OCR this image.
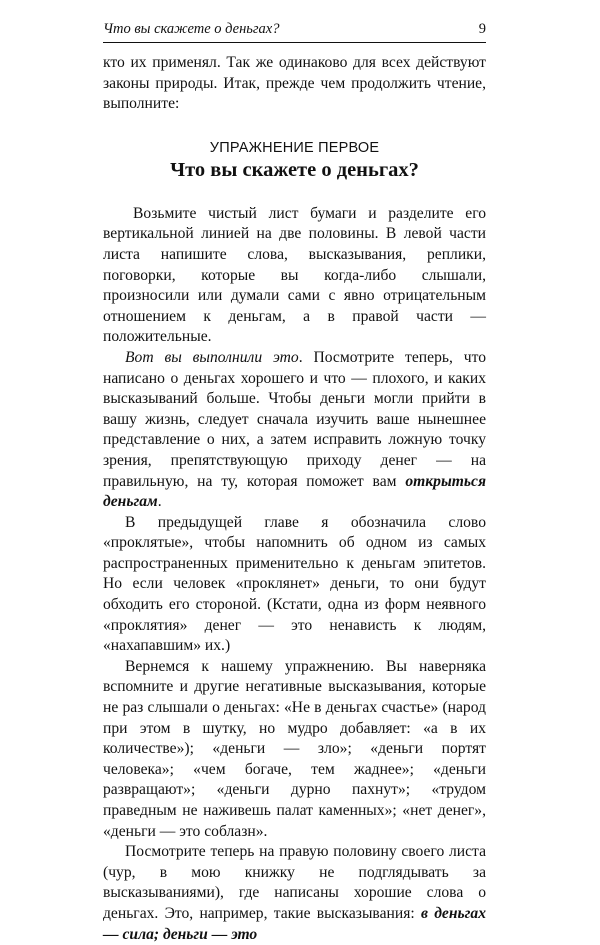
Что вы скажете о деньгах?	9

кто их применял. Так же одинаково для всех действуют законы природы. Итак, прежде чем продолжить чтение, выполните:

УПРАЖНЕНИЕ ПЕРВОЕ
Что вы скажете о деньгах?

Возьмите чистый лист бумаги и разделите его вертикальной линией на две половины. В левой части листа напишите слова, высказывания, реплики, поговорки, которые вы когда-либо слышали, произносили или думали сами с явно отрицательным отношением к деньгам, а в правой части — положительные.

Вот вы выполнили это. Посмотрите теперь, что написано о деньгах хорошего и что — плохого, и каких высказываний больше. Чтобы деньги могли прийти в вашу жизнь, следует сначала изучить ваше нынешнее представление о них, а затем исправить ложную точку зрения, препятствующую приходу денег — на правильную, на ту, которая поможет вам открыться деньгам.

В предыдущей главе я обозначила слово «проклятые», чтобы напомнить об одном из самых распространенных применительно к деньгам эпитетов. Но если человек «проклянет» деньги, то они будут обходить его стороной. (Кстати, одна из форм неявного «проклятия» денег — это ненависть к людям, «нахапавшим» их.)

Вернемся к нашему упражнению. Вы наверняка вспомните и другие негативные высказывания, которые не раз слышали о деньгах: «Не в деньгах счастье» (народ при этом в шутку, но мудро добавляет: «а в их количестве»); «деньги — зло»; «деньги портят человека»; «чем богаче, тем жаднее»; «деньги развращают»; «деньги дурно пахнут»; «трудом праведным не наживешь палат каменных»; «нет денег», «деньги — это соблазн».

Посмотрите теперь на правую половину своего листа (чур, в мою книжку не подглядывать за высказываниями), где написаны хорошие слова о деньгах. Это, например, такие высказывания: в деньгах — сила; деньги — это
